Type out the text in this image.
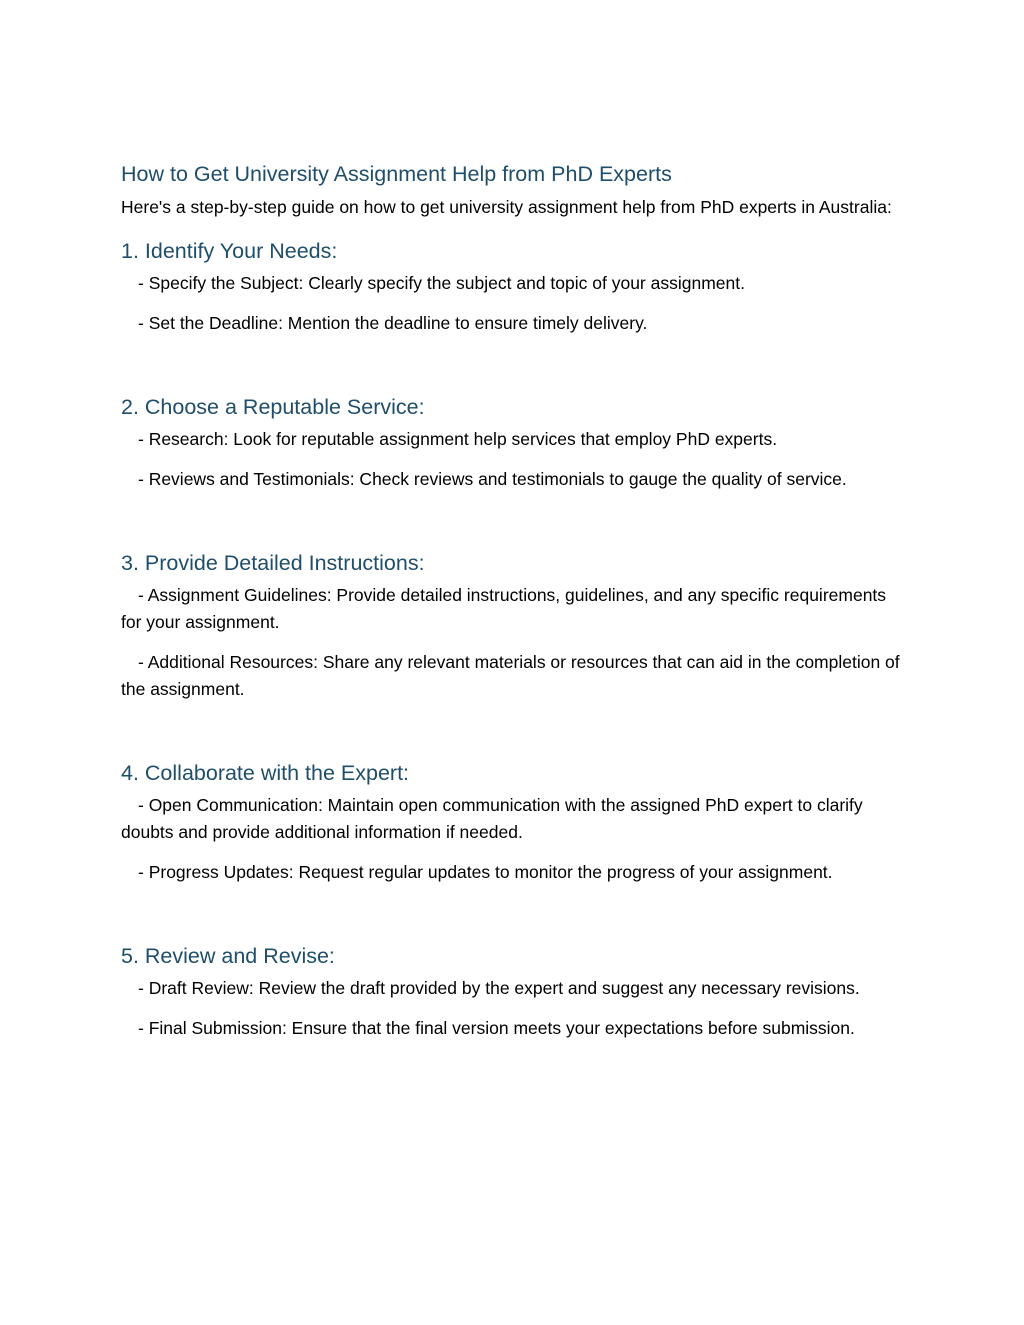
How to Get University Assignment Help from PhD Experts

Here's a step-by-step guide on how to get university assignment help from PhD experts in Australia:

1. Identify Your Needs:

- Specify the Subject: Clearly specify the subject and topic of your assignment.

- Set the Deadline: Mention the deadline to ensure timely delivery.

2. Choose a Reputable Service:

- Research: Look for reputable assignment help services that employ PhD experts.

- Reviews and Testimonials: Check reviews and testimonials to gauge the quality of service.

3. Provide Detailed Instructions:

- Assignment Guidelines: Provide detailed instructions, guidelines, and any specific requirements for your assignment.

- Additional Resources: Share any relevant materials or resources that can aid in the completion of the assignment.

4. Collaborate with the Expert:

- Open Communication: Maintain open communication with the assigned PhD expert to clarify doubts and provide additional information if needed.

- Progress Updates: Request regular updates to monitor the progress of your assignment.

5. Review and Revise:

- Draft Review: Review the draft provided by the expert and suggest any necessary revisions.

- Final Submission: Ensure that the final version meets your expectations before submission.
